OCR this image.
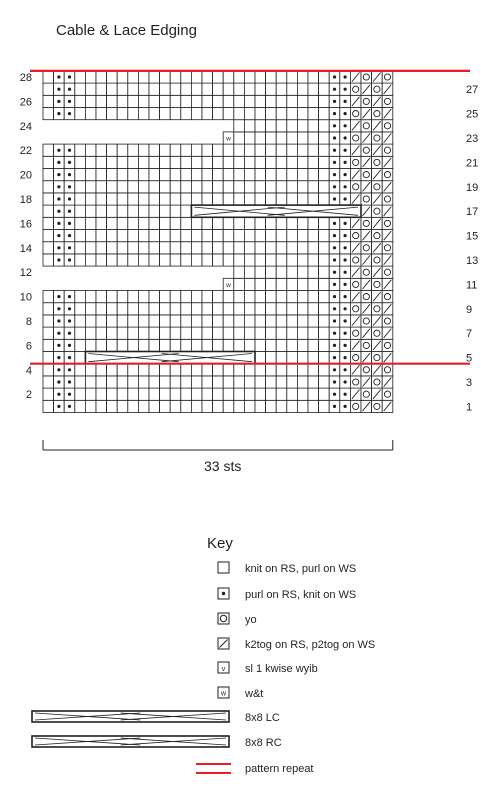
Cable & Lace Edging
w
w
2
4
6
8
10
12
14
16
18
20
22
24
26
28
1
3
5
7
9
11
13
15
17
19
21
23
25
27
v
w
33 sts
Key
knit on RS, purl on WS
purl on RS, knit on WS
yo
k2tog on RS, p2tog on WS
sl 1 kwise wyib
w&t
8x8 LC
8x8 RC
pattern repeat
